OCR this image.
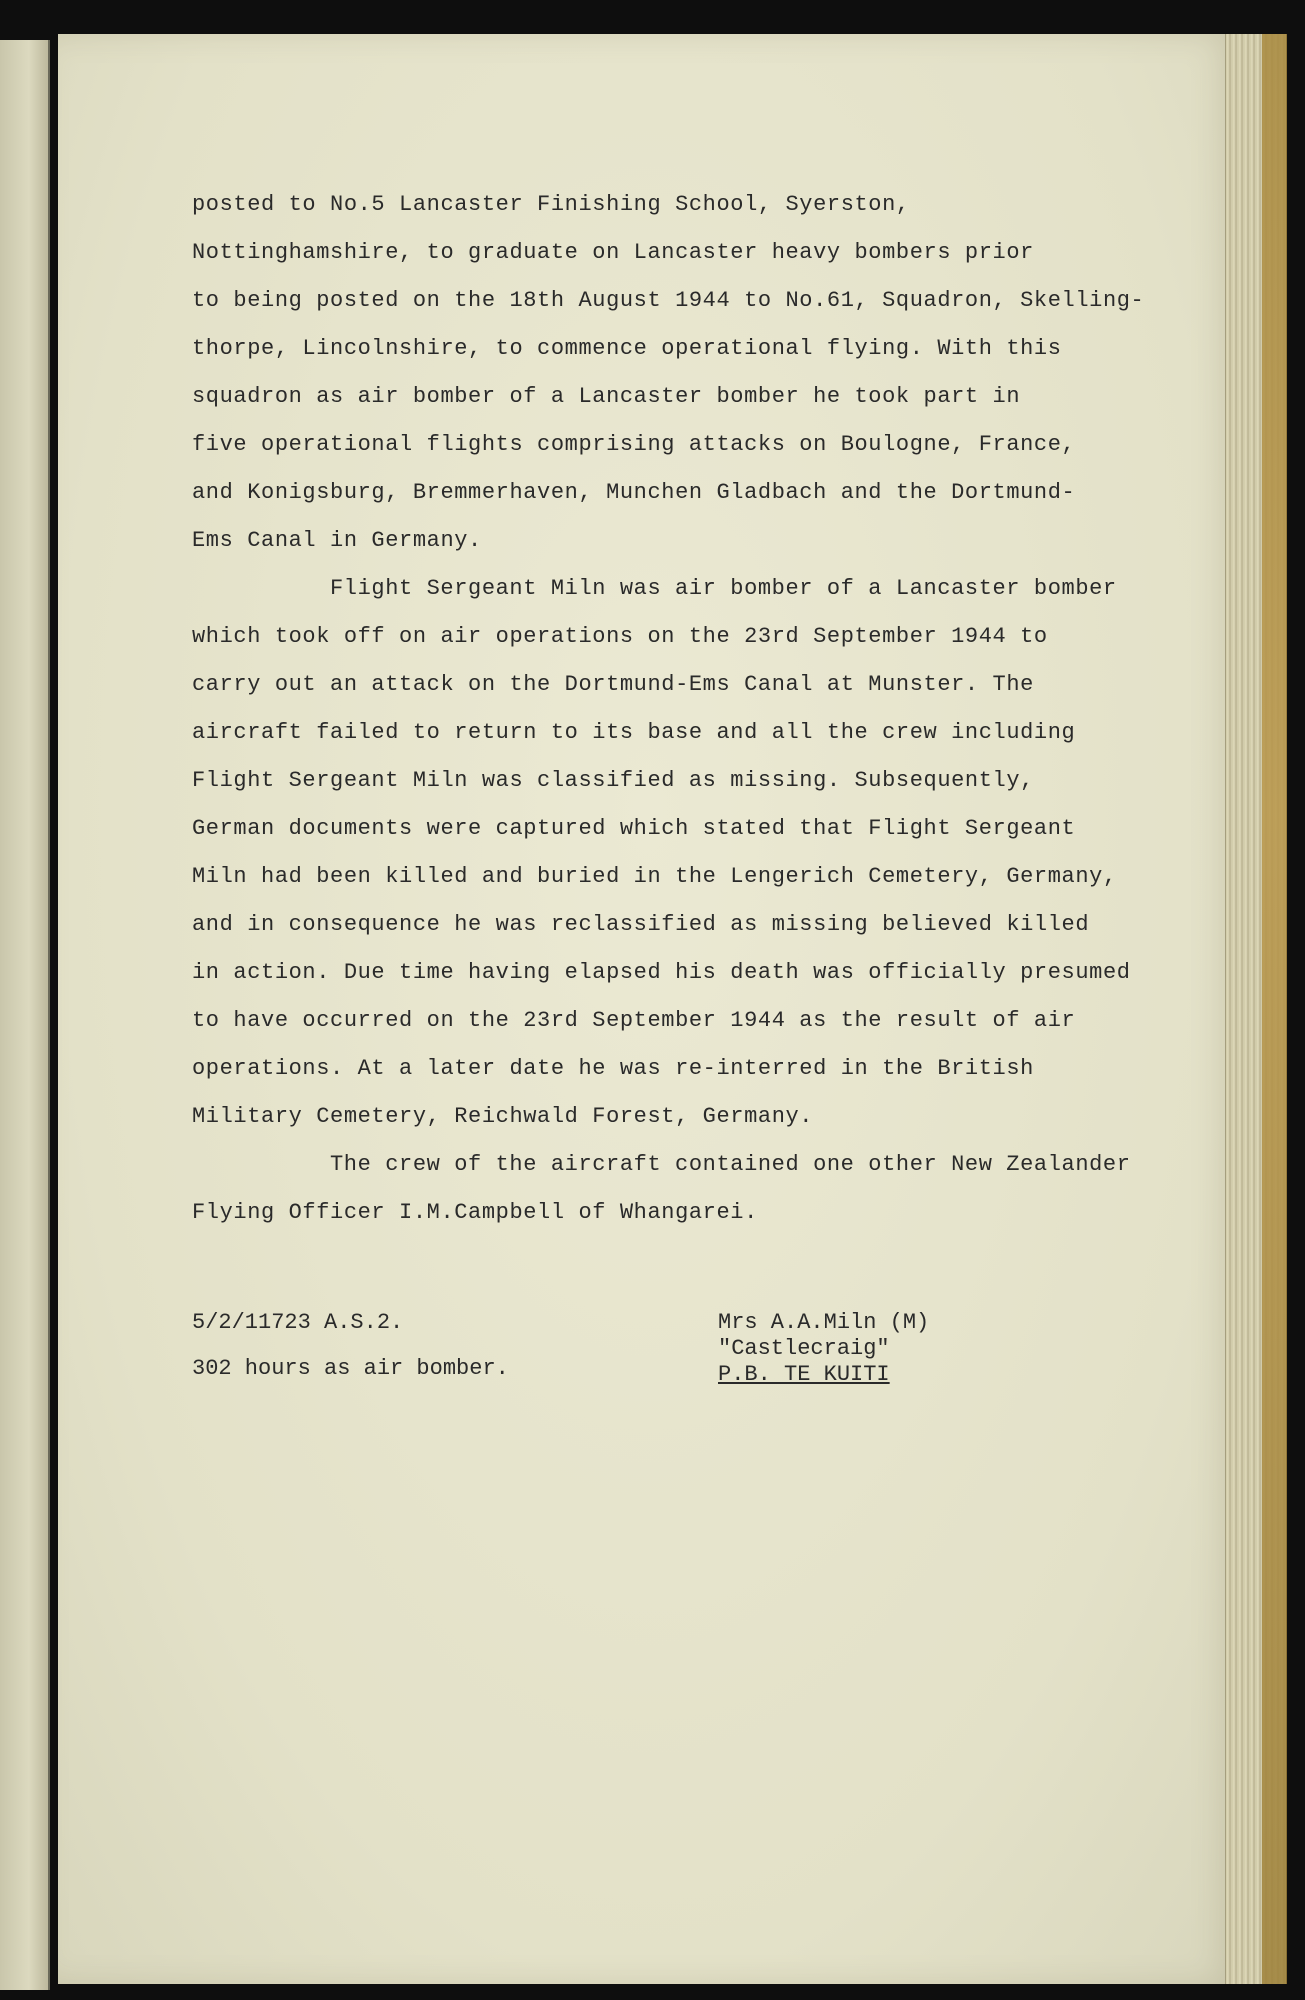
posted to No.5 Lancaster Finishing School, Syerston,
Nottinghamshire, to graduate on Lancaster heavy bombers prior
to being posted on the 18th August 1944 to No.61, Squadron, Skelling-
thorpe, Lincolnshire, to commence operational flying. With this
squadron as air bomber of a Lancaster bomber he took part in
five operational flights comprising attacks on Boulogne, France,
and Konigsburg, Bremmerhaven, Munchen Gladbach and the Dortmund-
Ems Canal in Germany.
Flight Sergeant Miln was air bomber of a Lancaster bomber
which took off on air operations on the 23rd September 1944 to
carry out an attack on the Dortmund-Ems Canal at Munster. The
aircraft failed to return to its base and all the crew including
Flight Sergeant Miln was classified as missing. Subsequently,
German documents were captured which stated that Flight Sergeant
Miln had been killed and buried in the Lengerich Cemetery, Germany,
and in consequence he was reclassified as missing believed killed
in action. Due time having elapsed his death was officially presumed
to have occurred on the 23rd September 1944 as the result of air
operations. At a later date he was re-interred in the British
Military Cemetery, Reichwald Forest, Germany.
The crew of the aircraft contained one other New Zealander
Flying Officer I.M.Campbell of Whangarei.
5/2/11723 A.S.2.
302 hours as air bomber.
Mrs A.A.Miln (M)
"Castlecraig"
P.B. TE KUITI
